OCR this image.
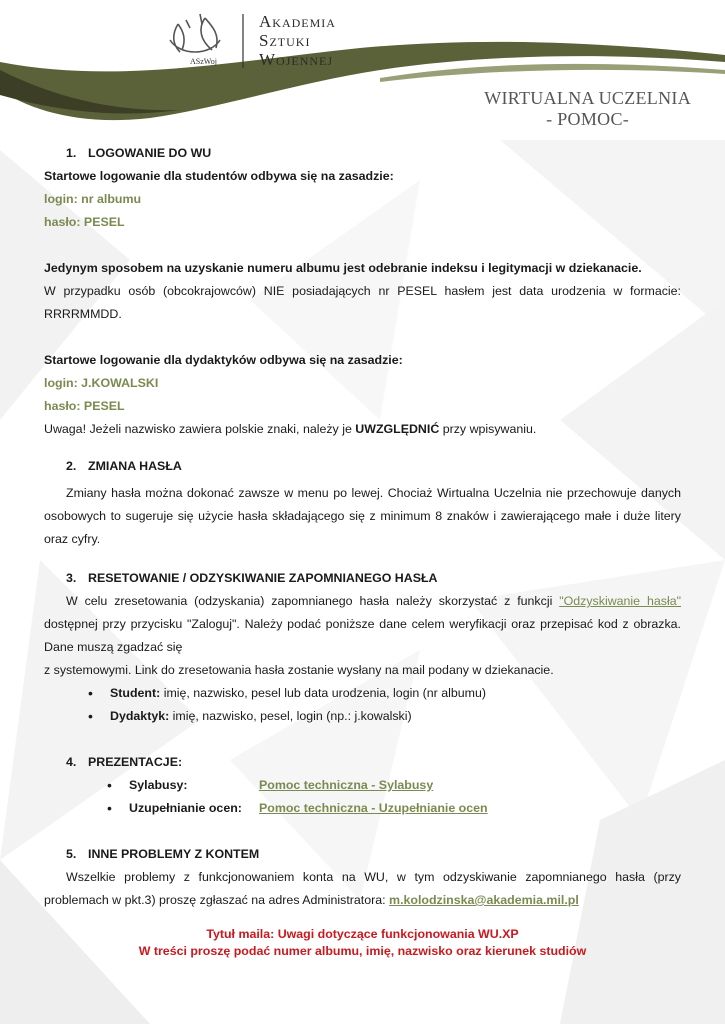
ASzWoj
Akademia
Sztuki
Wojennej
WIRTUALNA UCZELNIA
- POMOC-
1. LOGOWANIE DO WU
Startowe logowanie dla studentów odbywa się na zasadzie:
login: nr albumu
hasło: PESEL
Jedynym sposobem na uzyskanie numeru albumu jest odebranie indeksu i legitymacji w dziekanacie.
W przypadku osób (obcokrajowców) NIE posiadających nr PESEL hasłem jest data urodzenia w formacie: RRRRMMDD.
Startowe logowanie dla dydaktyków odbywa się na zasadzie:
login: J.KOWALSKI
hasło: PESEL
Uwaga! Jeżeli nazwisko zawiera polskie znaki, należy je UWZGLĘDNIĆ przy wpisywaniu.
2. ZMIANA HASŁA
Zmiany hasła można dokonać zawsze w menu po lewej. Chociaż Wirtualna Uczelnia nie przechowuje danych osobowych to sugeruje się użycie hasła składającego się z minimum 8 znaków i zawierającego małe i duże litery oraz cyfry.
3. RESETOWANIE / ODZYSKIWANIE ZAPOMNIANEGO HASŁA
W celu zresetowania (odzyskania) zapomnianego hasła należy skorzystać z funkcji "Odzyskiwanie hasła" dostępnej przy przycisku "Zaloguj". Należy podać poniższe dane celem weryfikacji oraz przepisać kod z obrazka. Dane muszą zgadzać się
z systemowymi. Link do zresetowania hasła zostanie wysłany na mail podany w dziekanacie.
•	Student: imię, nazwisko, pesel lub data urodzenia, login (nr albumu)
•	Dydaktyk: imię, nazwisko, pesel, login (np.: j.kowalski)
4. PREZENTACJE:
•	Sylabusy:	Pomoc techniczna - Sylabusy
•	Uzupełnianie ocen:	Pomoc techniczna - Uzupełnianie ocen
5. INNE PROBLEMY Z KONTEM
Wszelkie problemy z funkcjonowaniem konta na WU, w tym odzyskiwanie zapomnianego hasła (przy problemach w pkt.3) proszę zgłaszać na adres Administratora: m.kolodzinska@akademia.mil.pl
Tytuł maila: Uwagi dotyczące funkcjonowania WU.XP
W treści proszę podać numer albumu, imię, nazwisko oraz kierunek studiów
